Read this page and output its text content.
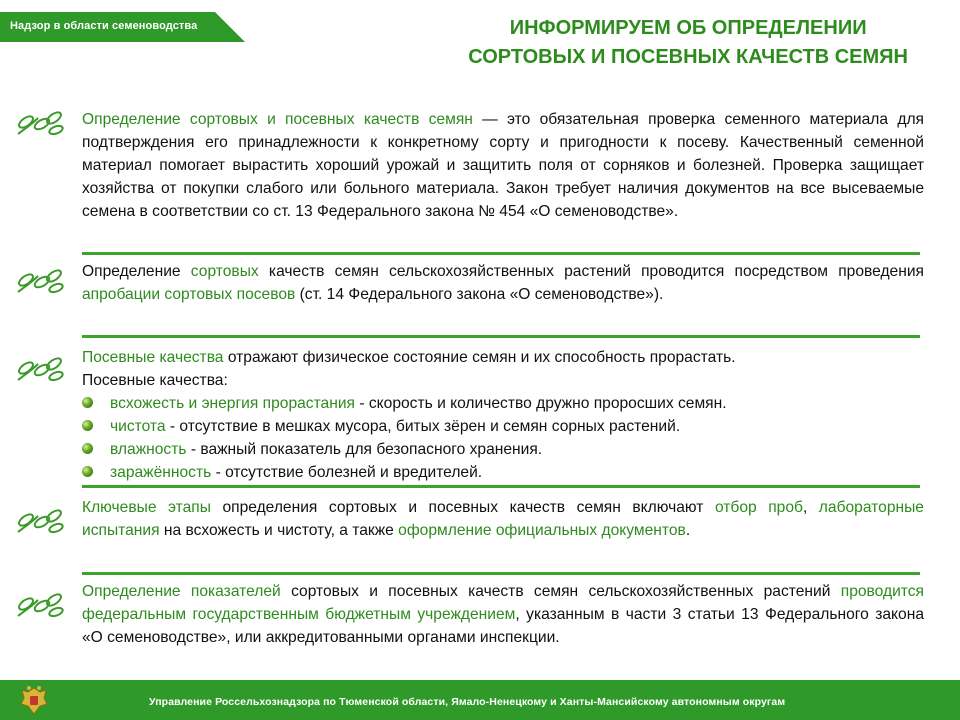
Надзор в области семеноводства	ИНФОРМИРУЕМ ОБ ОПРЕДЕЛЕНИИ
СОРТОВЫХ И ПОСЕВНЫХ КАЧЕСТВ СЕМЯН

Определение сортовых и посевных качеств семян — это обязательная проверка семенного материала для подтверждения его принадлежности к конкретному сорту и пригодности к посеву. Качественный семенной материал помогает вырастить хороший урожай и защитить поля от сорняков и болезней. Проверка защищает хозяйства от покупки слабого или больного материала. Закон требует наличия документов на все высеваемые семена в соответствии со ст. 13 Федерального закона № 454 «О семеноводстве».

Определение сортовых качеств семян сельскохозяйственных растений проводится посредством проведения апробации сортовых посевов (ст. 14 Федерального закона «О семеноводстве»).

Посевные качества отражают физическое состояние семян и их способность прорастать.

Посевные качества:

всхожесть и энергия прорастания - скорость и количество дружно проросших семян.
чистота - отсутствие в мешках мусора, битых зёрен и семян сорных растений.
влажность - важный показатель для безопасного хранения.
заражённость - отсутствие болезней и вредителей.

Ключевые этапы определения сортовых и посевных качеств семян включают отбор проб, лабораторные испытания на всхожесть и чистоту, а также оформление официальных документов.

Определение показателей сортовых и посевных качеств семян сельскохозяйственных растений проводится федеральным государственным бюджетным учреждением, указанным в части 3 статьи 13 Федерального закона «О семеноводстве», или аккредитованными органами инспекции.

Управление Россельхознадзора по Тюменской области, Ямало-Ненецкому и Ханты-Мансийскому автономным округам
